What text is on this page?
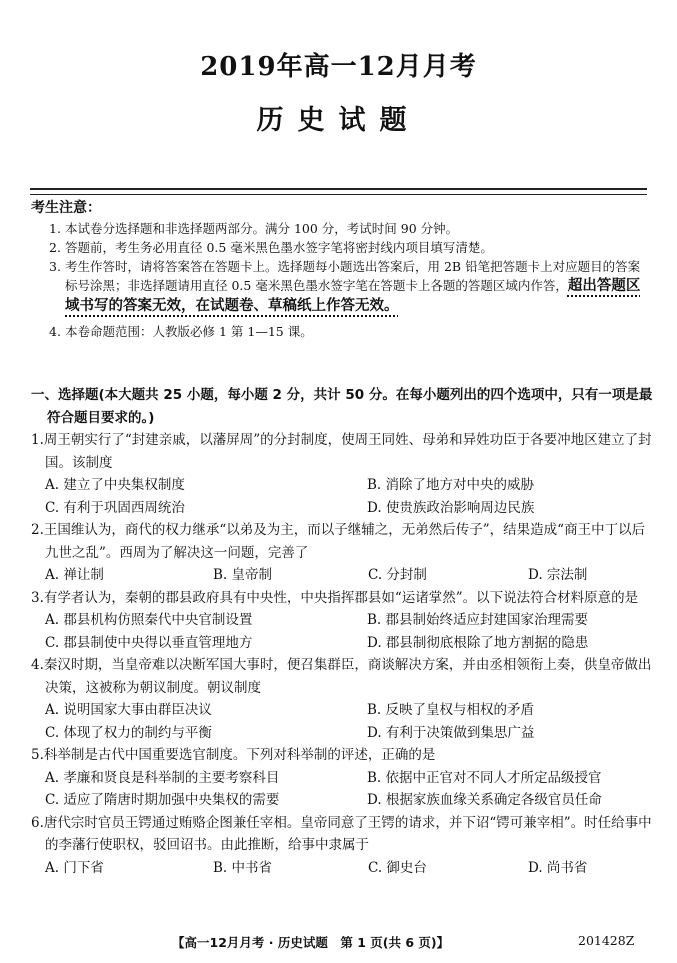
2019年高一12月月考
历史试题
考生注意：
1. 本试卷分选择题和非选择题两部分。满分 100 分，考试时间 90 分钟。
2. 答题前，考生务必用直径 0.5 毫米黑色墨水签字笔将密封线内项目填写清楚。
3. 考生作答时，请将答案答在答题卡上。选择题每小题选出答案后，用 2B 铅笔把答题卡上对应题目的答案标号涂黑；非选择题请用直径 0.5 毫米黑色墨水签字笔在答题卡上各题的答题区域内作答，超出答题区域书写的答案无效，在试题卷、草稿纸上作答无效。
4. 本卷命题范围：人教版必修 1 第 1—15 课。
一、选择题(本大题共 25 小题，每小题 2 分，共计 50 分。在每小题列出的四个选项中，只有一项是最符合题目要求的。)
1.周王朝实行了“封建亲戚，以藩屏周”的分封制度，使周王同姓、母弟和异姓功臣于各要冲地区建立了封国。该制度
A. 建立了中央集权制度	B. 消除了地方对中央的威胁
C. 有利于巩固西周统治	D. 使贵族政治影响周边民族
2.王国维认为，商代的权力继承“以弟及为主，而以子继辅之，无弟然后传子”，结果造成“商王中丁以后九世之乱”。西周为了解决这一问题，完善了
A. 禅让制	B. 皇帝制	C. 分封制	D. 宗法制
3.有学者认为，秦朝的郡县政府具有中央性，中央指挥郡县如“运诸掌然”。以下说法符合材料原意的是
A. 郡县机构仿照秦代中央官制设置	B. 郡县制始终适应封建国家治理需要
C. 郡县制使中央得以垂直管理地方	D. 郡县制彻底根除了地方割据的隐患
4.秦汉时期，当皇帝难以决断军国大事时，便召集群臣，商谈解决方案，并由丞相领衔上奏，供皇帝做出决策，这被称为朝议制度。朝议制度
A. 说明国家大事由群臣决议	B. 反映了皇权与相权的矛盾
C. 体现了权力的制约与平衡	D. 有利于决策做到集思广益
5.科举制是古代中国重要选官制度。下列对科举制的评述，正确的是
A. 孝廉和贤良是科举制的主要考察科目	B. 依据中正官对不同人才所定品级授官
C. 适应了隋唐时期加强中央集权的需要	D. 根据家族血缘关系确定各级官员任命
6.唐代宗时官员王锷通过贿赂企图兼任宰相。皇帝同意了王锷的请求，并下诏“锷可兼宰相”。时任给事中的李藩行使职权，驳回诏书。由此推断，给事中隶属于
A. 门下省	B. 中书省	C. 御史台	D. 尚书省
【高一12月月考 · 历史试题　第 1 页(共 6 页)】	201428Z
